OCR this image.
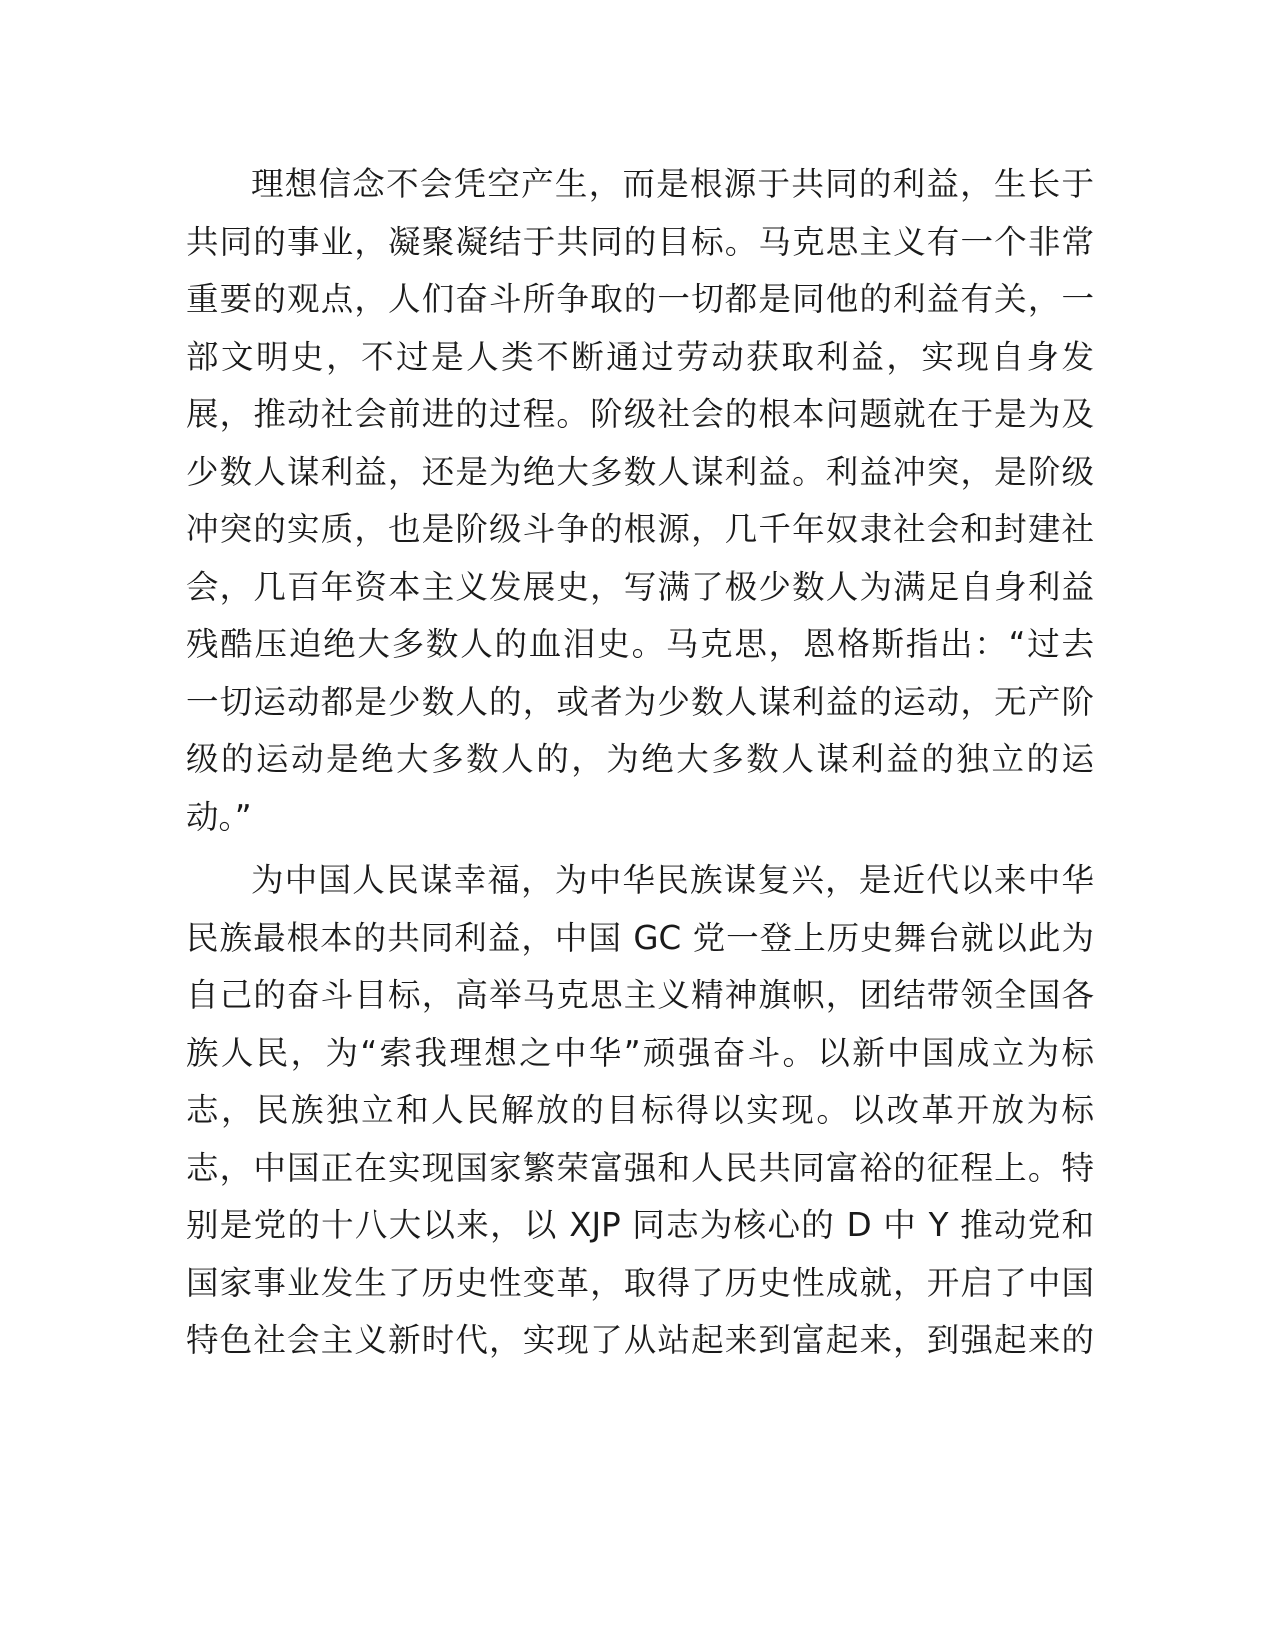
理想信念不会凭空产生，而是根源于共同的利益，生长于
共同的事业，凝聚凝结于共同的目标。马克思主义有一个非常
重要的观点，人们奋斗所争取的一切都是同他的利益有关，一
部文明史，不过是人类不断通过劳动获取利益，实现自身发
展，推动社会前进的过程。阶级社会的根本问题就在于是为及
少数人谋利益，还是为绝大多数人谋利益。利益冲突，是阶级
冲突的实质，也是阶级斗争的根源，几千年奴隶社会和封建社
会，几百年资本主义发展史，写满了极少数人为满足自身利益
残酷压迫绝大多数人的血泪史。马克思，恩格斯指出：“过去
一切运动都是少数人的，或者为少数人谋利益的运动，无产阶
级的运动是绝大多数人的，为绝大多数人谋利益的独立的运
动。”
为中国人民谋幸福，为中华民族谋复兴，是近代以来中华
民族最根本的共同利益，中国 GC 党一登上历史舞台就以此为
自己的奋斗目标，高举马克思主义精神旗帜，团结带领全国各
族人民，为“索我理想之中华”顽强奋斗。以新中国成立为标
志，民族独立和人民解放的目标得以实现。以改革开放为标
志，中国正在实现国家繁荣富强和人民共同富裕的征程上。特
别是党的十八大以来，以 XJP 同志为核心的 D 中 Y 推动党和
国家事业发生了历史性变革，取得了历史性成就，开启了中国
特色社会主义新时代，实现了从站起来到富起来，到强起来的
